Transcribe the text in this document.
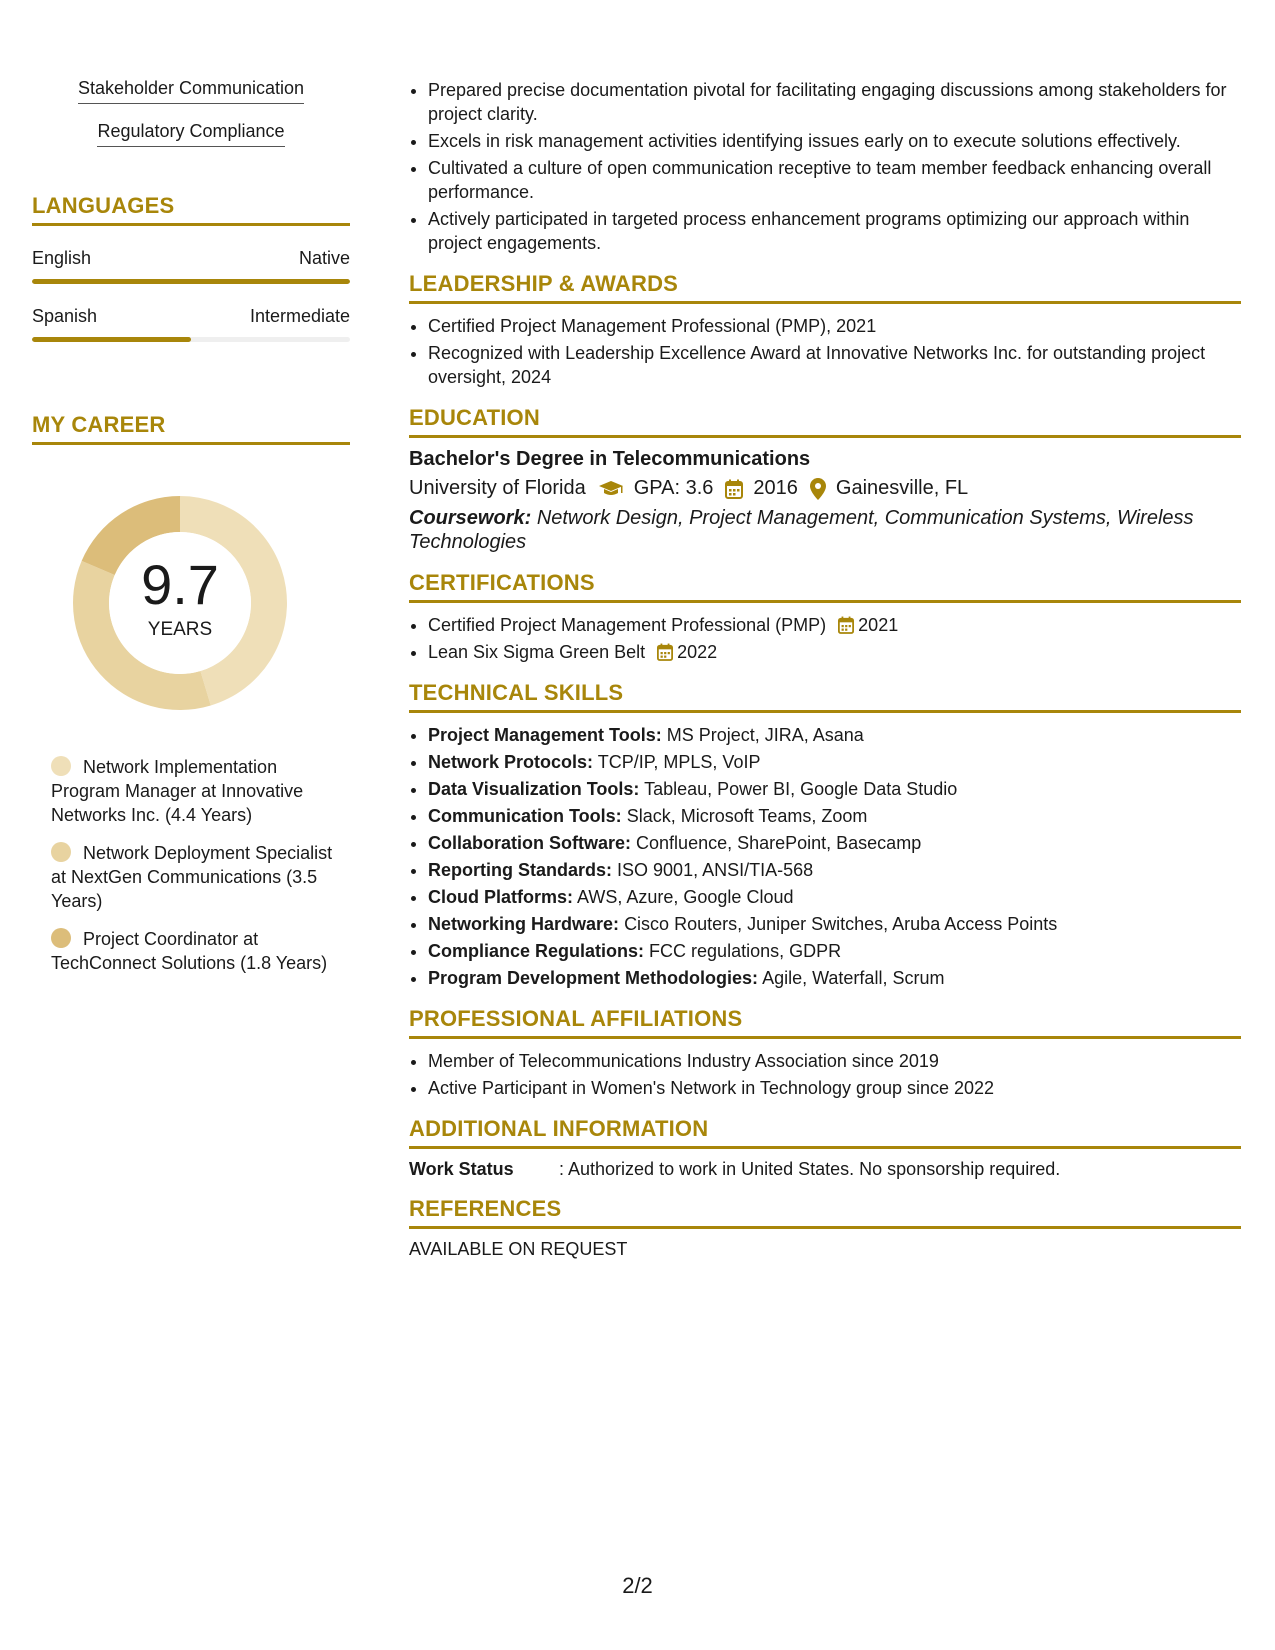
Stakeholder Communication
Regulatory Compliance
LANGUAGES
English	Native
Spanish	Intermediate
MY CAREER
9.7
YEARS
Network Implementation Program Manager at Innovative Networks Inc. (4.4 Years)
Network Deployment Specialist at NextGen Communications (3.5 Years)
Project Coordinator at TechConnect Solutions (1.8 Years)
• Prepared precise documentation pivotal for facilitating engaging discussions among stakeholders for project clarity.
• Excels in risk management activities identifying issues early on to execute solutions effectively.
• Cultivated a culture of open communication receptive to team member feedback enhancing overall performance.
• Actively participated in targeted process enhancement programs optimizing our approach within project engagements.
LEADERSHIP & AWARDS
• Certified Project Management Professional (PMP), 2021
• Recognized with Leadership Excellence Award at Innovative Networks Inc. for outstanding project oversight, 2024
EDUCATION
Bachelor's Degree in Telecommunications
University of Florida GPA: 3.6 2016 Gainesville, FL
Coursework: Network Design, Project Management, Communication Systems, Wireless Technologies
CERTIFICATIONS
• Certified Project Management Professional (PMP) 2021
• Lean Six Sigma Green Belt 2022
TECHNICAL SKILLS
• Project Management Tools: MS Project, JIRA, Asana
• Network Protocols: TCP/IP, MPLS, VoIP
• Data Visualization Tools: Tableau, Power BI, Google Data Studio
• Communication Tools: Slack, Microsoft Teams, Zoom
• Collaboration Software: Confluence, SharePoint, Basecamp
• Reporting Standards: ISO 9001, ANSI/TIA-568
• Cloud Platforms: AWS, Azure, Google Cloud
• Networking Hardware: Cisco Routers, Juniper Switches, Aruba Access Points
• Compliance Regulations: FCC regulations, GDPR
• Program Development Methodologies: Agile, Waterfall, Scrum
PROFESSIONAL AFFILIATIONS
• Member of Telecommunications Industry Association since 2019
• Active Participant in Women's Network in Technology group since 2022
ADDITIONAL INFORMATION
Work Status	: Authorized to work in United States. No sponsorship required.
REFERENCES
AVAILABLE ON REQUEST
2/2
